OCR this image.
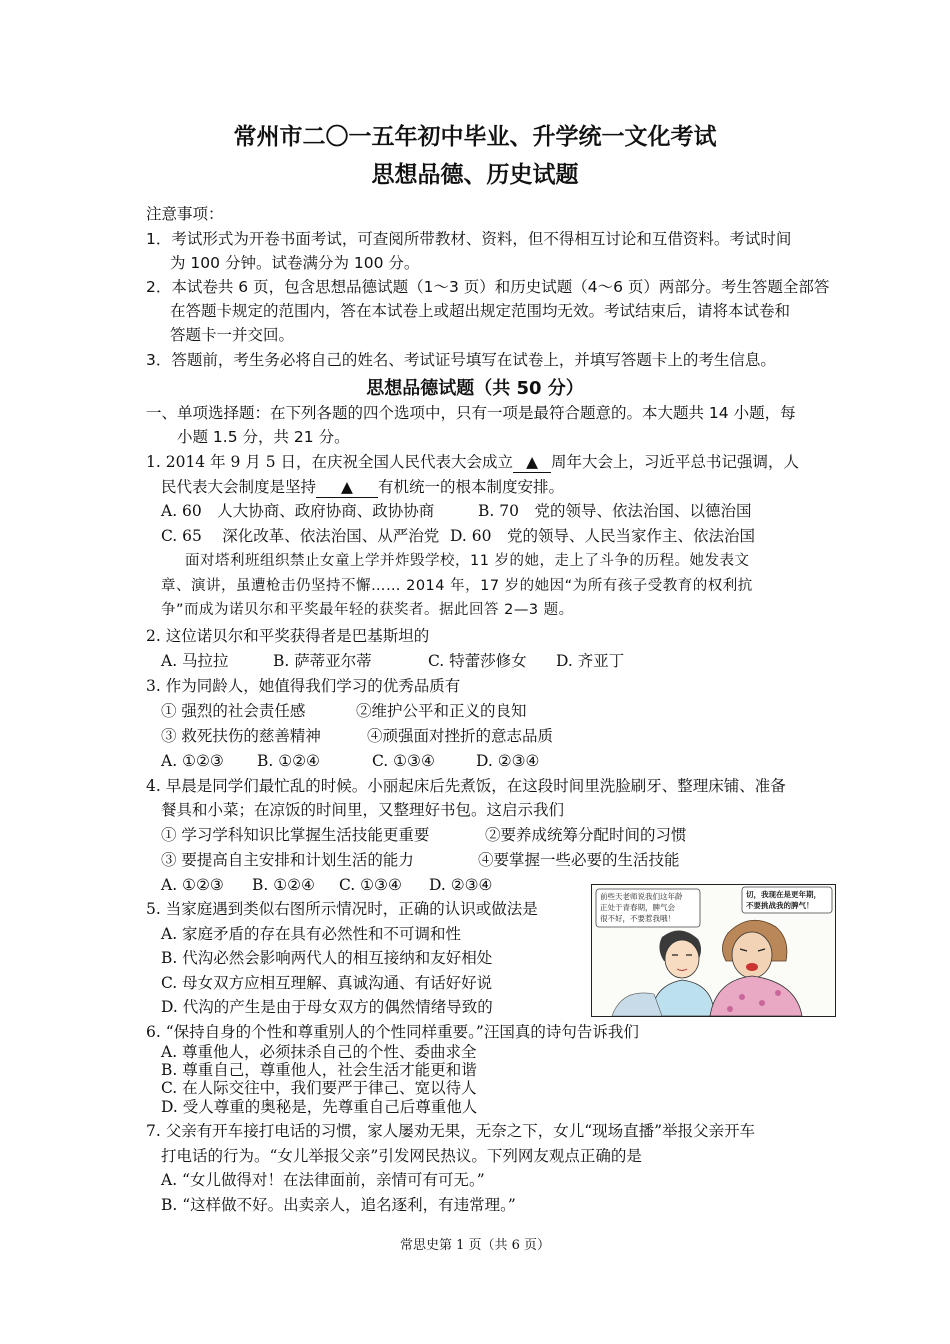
常州市二〇一五年初中毕业、升学统一文化考试
思想品德、历史试题
注意事项：
1．考试形式为开卷书面考试，可查阅所带教材、资料，但不得相互讨论和互借资料。考试时间
为 100 分钟。试卷满分为 100 分。
2．本试卷共 6 页，包含思想品德试题（1～3 页）和历史试题（4～6 页）两部分。考生答题全部答
在答题卡规定的范围内，答在本试卷上或超出规定范围均无效。考试结束后，请将本试卷和
答题卡一并交回。
3．答题前，考生务必将自己的姓名、考试证号填写在试卷上，并填写答题卡上的考生信息。
思想品德试题（共 50 分）
一、单项选择题：在下列各题的四个选项中，只有一项是最符合题意的。本大题共 14 小题，每
小题 1.5 分，共 21 分。
1. 2014 年 9 月 5 日，在庆祝全国人民代表大会成立 ▲ 周年大会上，习近平总书记强调，人
民代表大会制度是坚持 ▲ 有机统一的根本制度安排。
A. 60　人大协商、政府协商、政协协商	B. 70　党的领导、依法治国、以德治国
C. 65　 深化改革、依法治国、从严治党 D. 60　党的领导、人民当家作主、依法治国
面对塔利班组织禁止女童上学并炸毁学校，11 岁的她，走上了斗争的历程。她发表文
章、演讲，虽遭枪击仍坚持不懈…… 2014 年，17 岁的她因“为所有孩子受教育的权利抗
争”而成为诺贝尔和平奖最年轻的获奖者。据此回答 2—3 题。
2. 这位诺贝尔和平奖获得者是巴基斯坦的
A. 马拉拉	B. 萨蒂亚尔蒂	C. 特蕾莎修女 D. 齐亚丁
3. 作为同龄人，她值得我们学习的优秀品质有
① 强烈的社会责任感	②维护公平和正义的良知
③ 救死扶伤的慈善精神	④顽强面对挫折的意志品质
A. ①②③ B. ①②④	C. ①③④	D. ②③④
4. 早晨是同学们最忙乱的时候。小丽起床后先煮饭，在这段时间里洗脸刷牙、整理床铺、准备
餐具和小菜；在凉饭的时间里，又整理好书包。这启示我们
① 学习学科知识比掌握生活技能更重要	②要养成统筹分配时间的习惯
③ 要提高自主安排和计划生活的能力	④要掌握一些必要的生活技能
A. ①②③ B. ①②④ C. ①③④ D. ②③④
5. 当家庭遇到类似右图所示情况时，正确的认识或做法是
A. 家庭矛盾的存在具有必然性和不可调和性
B. 代沟必然会影响两代人的相互接纳和友好相处
C. 母女双方应相互理解、真诚沟通、有话好好说
D. 代沟的产生是由于母女双方的偶然情绪导致的
前些天老师说我们这年龄
正处于青春期，脾气会
很不好，不要惹我哦！
切，我现在是更年期，
不要挑战我的脾气！
6. “保持自身的个性和尊重别人的个性同样重要。”汪国真的诗句告诉我们
A. 尊重他人，必须抹杀自己的个性、委曲求全
B. 尊重自己，尊重他人，社会生活才能更和谐
C. 在人际交往中，我们要严于律己、宽以待人
D. 受人尊重的奥秘是，先尊重自己后尊重他人
7. 父亲有开车接打电话的习惯，家人屡劝无果，无奈之下，女儿“现场直播”举报父亲开车
打电话的行为。“女儿举报父亲”引发网民热议。下列网友观点正确的是
A. “女儿做得对！在法律面前，亲情可有可无。”
B. “这样做不好。出卖亲人，追名逐利，有违常理。”
常思史第 1 页（共 6 页）
